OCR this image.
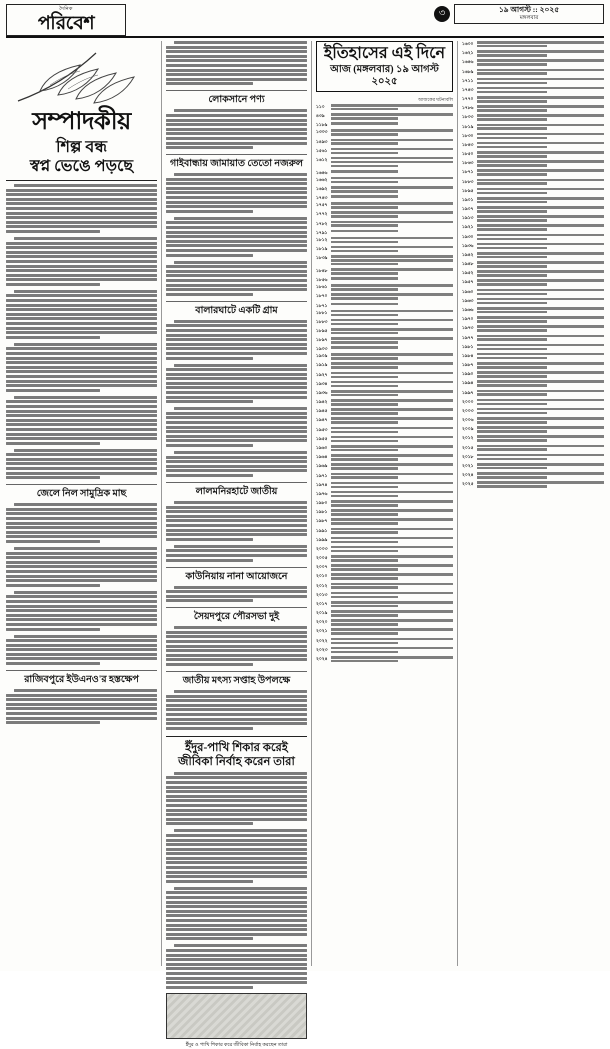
দৈনিক
পরিবেশ	৩	১৯ আগস্ট :: ২০২৫
মঙ্গলবার
সম্পাদকীয়
শিল্প বন্ধ
স্বপ্ন ভেঙে পড়ছে
জেলে নিল সামুদ্রিক মাছ
রাজিবপুরে ইউএনও'র হস্তক্ষেপ
লোকসানে পণ্য
গাইবান্ধায় জামায়াত তেতো নজরুল
বালারঘাটে একটি গ্রাম
লালমনিরহাটে জাতীয়
কাউনিয়ায় নানা আয়োজনে
সৈয়দপুরে পৌরসভা দুই
জাতীয় মৎস্য সপ্তাহ উপলক্ষে
ইঁদুর-পাখি শিকার করেই
জীবিকা নির্বাহ করেন তারা
ইঁদুর ও পাখি শিকার করে জীবিকা নির্বাহ করছেন তারা
ইতিহাসের এই দিনে
আজ (মঙ্গলবার) ১৯ আগস্ট ২০২৫
আজকের ঘটনাবলি
১১০
৪৩৯
১১৮৯
১৩০৩
১৪৯৩
১৫৬১
১৬১২
১৬৪৬
১৬৬২
১৬৯২
১৭৪৩
১৭৫৭
১৭৭২
১৭৮২
১৭৯১
১৮১২
১৮১৯
১৮৩৯
১৮৪৮
১৮৫৬
১৮৬১
১৮৭০
১৮৭১
১৮৮১
১৮৮৩
১৮৯৫
১৮৯৭
১৯০৩
১৯০৯
১৯১৯
১৯২৭
১৯৩৪
১৯৩৬
১৯৪২
১৯৪৫
১৯৪৭
১৯৫৩
১৯৫৫
১৯৬০
১৯৬৪
১৯৬৯
১৯৭১
১৯৭৪
১৯৭৬
১৯৮০
১৯৮১
১৯৮৭
১৯৯১
১৯৯৯
২০০৩
২০০৫
২০০৭
২০১০
২০১২
২০১৩
২০১৭
২০১৯
২০২০
২০২১
২০২২
২০২৩
২০২৪
১৬০০
১৬২১
১৬৪৬
১৬৮৯
১৭১১
১৭৪৩
১৭৭০
১৭৮৬
১৮০৩
১৮১৯
১৮৩০
১৮৪৩
১৮৫০
১৮৬৩
১৮৭১
১৮৮৩
১৮৯৫
১৯০১
১৯০৭
১৯১৩
১৯২১
১৯৩০
১৯৩৬
১৯৪২
১৯৪৮
১৯৫২
১৯৫৭
১৯৬০
১৯৬৩
১৯৬৬
১৯৭০
১৯৭৩
১৯৭৭
১৯৮১
১৯৮৪
১৯৮৭
১৯৯০
১৯৯৪
১৯৯৭
২০০০
২০০৩
২০০৬
২০০৯
২০১২
২০১৫
২০১৮
২০২১
২০২৪
২০২৫
